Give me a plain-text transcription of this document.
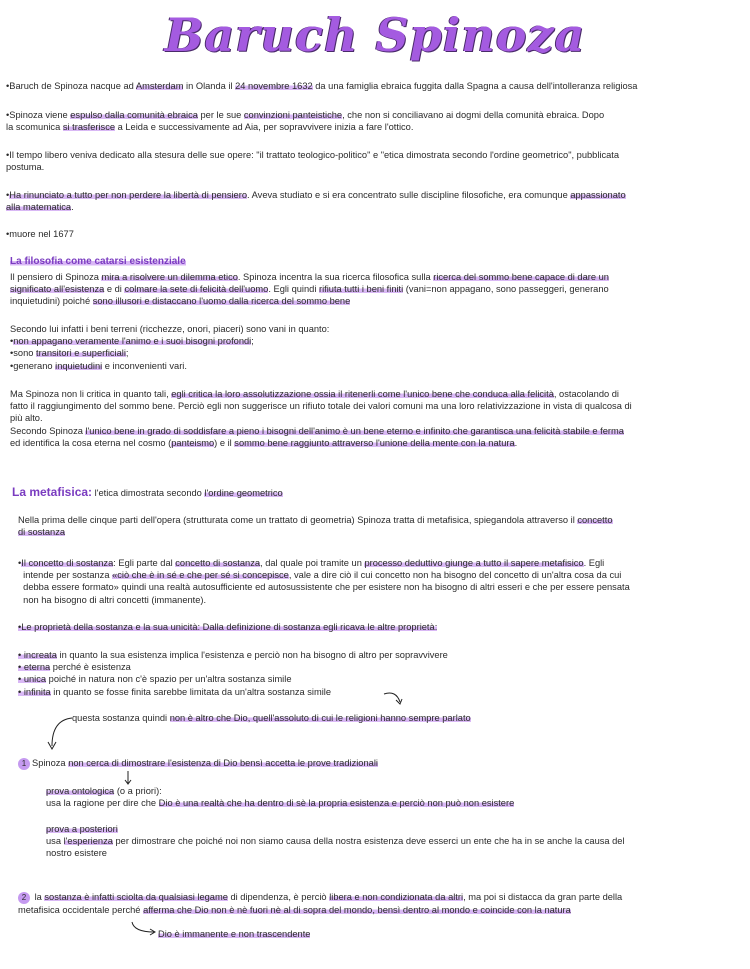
Baruch Spinoza
•Baruch de Spinoza nacque ad Amsterdam in Olanda il 24 novembre 1632 da una famiglia ebraica fuggita dalla Spagna a causa dell'intolleranza religiosa
•Spinoza viene espulso dalla comunità ebraica per le sue convinzioni panteistiche, che non si conciliavano ai dogmi della comunità ebraica. Dopo
la scomunica si trasferisce a Leida e successivamente ad Aia, per sopravvivere inizia a fare l'ottico.
•Il tempo libero veniva dedicato alla stesura delle sue opere: "il trattato teologico-politico" e "etica dimostrata secondo l'ordine geometrico", pubblicata
postuma.
•Ha rinunciato a tutto per non perdere la libertà di pensiero. Aveva studiato e si era concentrato sulle discipline filosofiche, era comunque appassionato
alla matematica.
•muore nel 1677
La filosofia come catarsi esistenziale
Il pensiero di Spinoza mira a risolvere un dilemma etico. Spinoza incentra la sua ricerca filosofica sulla ricerca del sommo bene capace di dare un
significato all'esistenza e di colmare la sete di felicità dell'uomo. Egli quindi rifiuta tutti i beni finiti (vani=non appagano, sono passeggeri, generano
inquietudini) poiché sono illusori e distaccano l'uomo dalla ricerca del sommo bene
Secondo lui infatti i beni terreni (ricchezze, onori, piaceri) sono vani in quanto:
•non appagano veramente l'animo e i suoi bisogni profondi;
•sono transitori e superficiali;
•generano inquietudini e inconvenienti vari.
Ma Spinoza non li critica in quanto tali, egli critica la loro assolutizzazione ossia il ritenerli come l'unico bene che conduca alla felicità, ostacolando di
fatto il raggiungimento del sommo bene. Perciò egli non suggerisce un rifiuto totale dei valori comuni ma una loro relativizzazione in vista di qualcosa di
più alto.
Secondo Spinoza l'unico bene in grado di soddisfare a pieno i bisogni dell'animo è un bene eterno e infinito che garantisca una felicità stabile e ferma
ed identifica la cosa eterna nel cosmo (panteismo) e il sommo bene raggiunto attraverso l'unione della mente con la natura.
La metafisica: l'etica dimostrata secondo l'ordine geometrico
Nella prima delle cinque parti dell'opera (strutturata come un trattato di geometria) Spinoza tratta di metafisica, spiegandola attraverso il concetto
di sostanza
•Il concetto di sostanza: Egli parte dal concetto di sostanza, dal quale poi tramite un processo deduttivo giunge a tutto il sapere metafisico. Egli
intende per sostanza «ciò che è in sé e che per sé si concepisce, vale a dire ciò il cui concetto non ha bisogno del concetto di un'altra cosa da cui
debba essere formato» quindi una realtà autosufficiente ed autosussistente che per esistere non ha bisogno di altri esseri e che per essere pensata
non ha bisogno di altri concetti (immanente).
•Le proprietà della sostanza e la sua unicità: Dalla definizione di sostanza egli ricava le altre proprietà:
• increata in quanto la sua esistenza implica l'esistenza e perciò non ha bisogno di altro per sopravvivere
• eterna perché è esistenza
• unica poiché in natura non c'è spazio per un'altra sostanza simile
• infinita in quanto se fosse finita sarebbe limitata da un'altra sostanza simile
questa sostanza quindi non è altro che Dio, quell'assoluto di cui le religioni hanno sempre parlato
1 Spinoza non cerca di dimostrare l'esistenza di Dio bensì accetta le prove tradizionali
prova ontologica (o a priori):
usa la ragione per dire che Dio è una realtà che ha dentro di sè la propria esistenza e perciò non può non esistere
prova a posteriori
usa l'esperienza per dimostrare che poiché noi non siamo causa della nostra esistenza deve esserci un ente che ha in se anche la causa del
nostro esistere
2 la sostanza è infatti sciolta da qualsiasi legame di dipendenza, è perciò libera e non condizionata da altri, ma poi si distacca da gran parte della
metafisica occidentale perché afferma che Dio non è nè fuori nè al di sopra del mondo, bensì dentro al mondo e coincide con la natura
Dio è immanente e non trascendente
